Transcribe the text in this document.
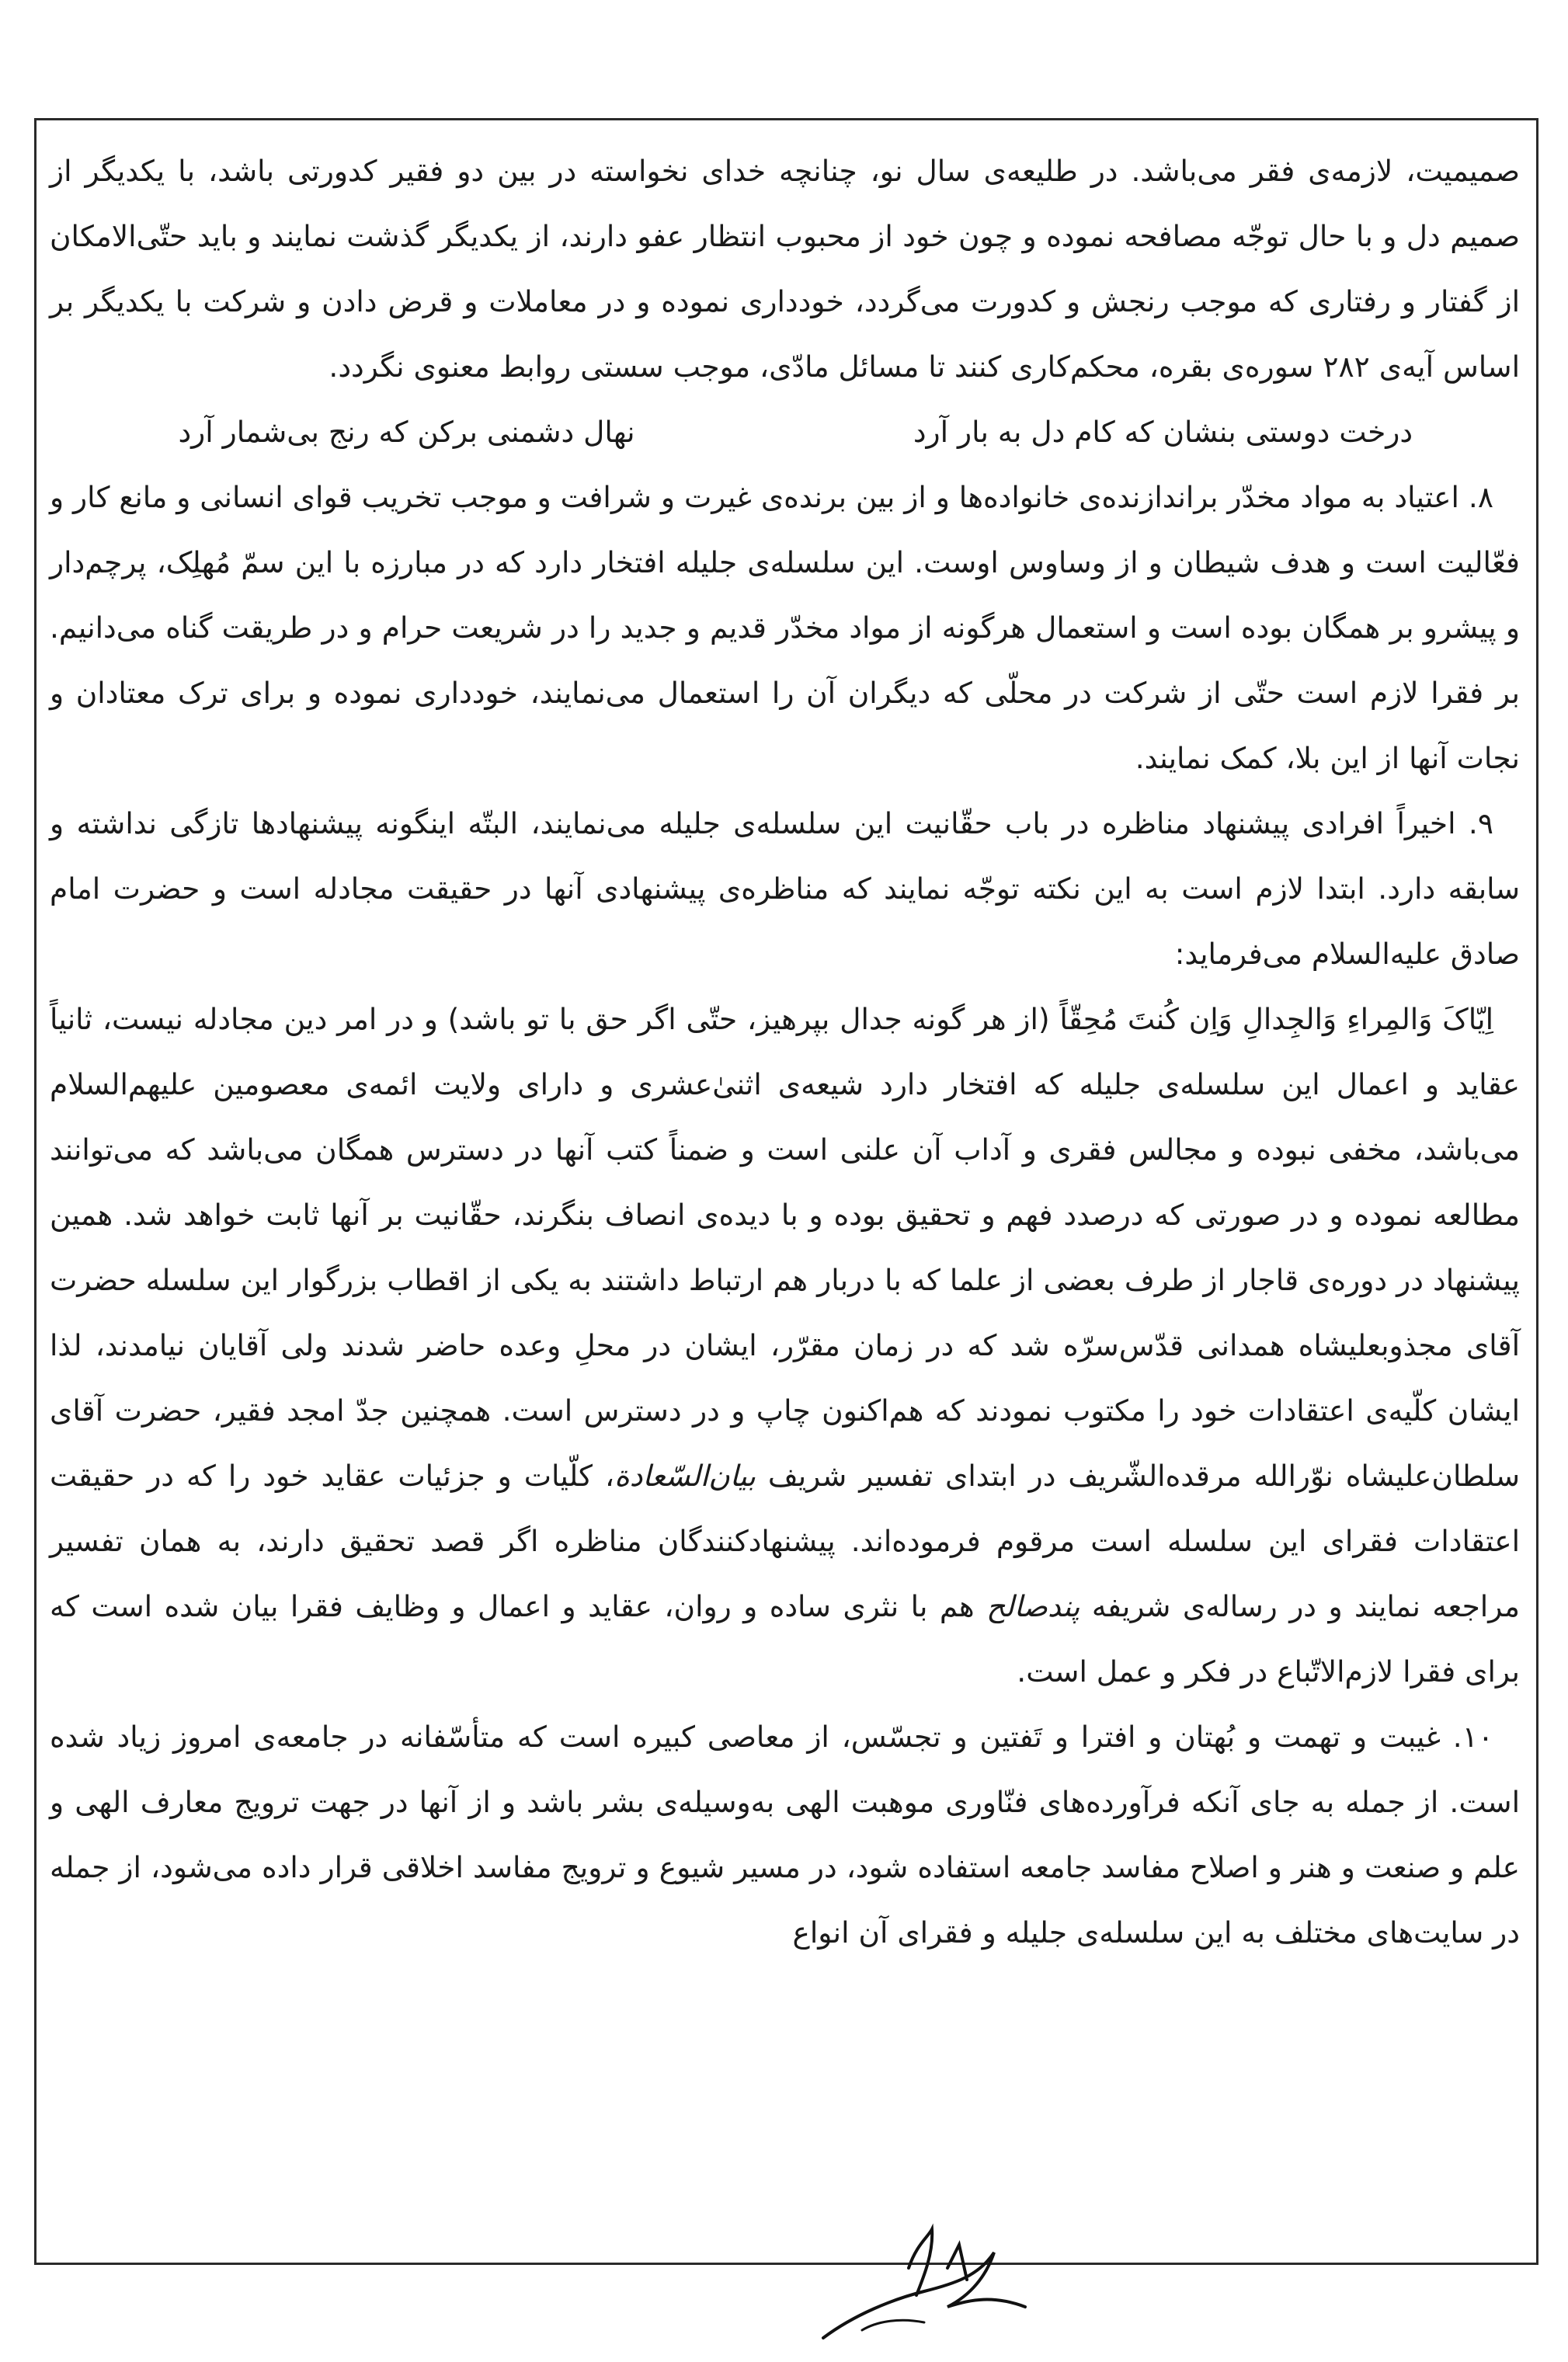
صمیمیت، لازمه‌ی فقر می‌باشد. در طلیعه‌ی سال نو، چنانچه خدای نخواسته در بین دو فقیر کدورتی باشد، با یکدیگر از صمیم دل و با حال توجّه مصافحه نموده و چون خود از محبوب انتظار عفو دارند، از یکدیگر گذشت نمایند و باید حتّی‌الامکان از گفتار و رفتاری که موجب رنجش و کدورت می‌گردد، خودداری نموده و در معاملات و قرض دادن و شرکت با یکدیگر بر اساس آیه‌ی ۲۸۲ سوره‌ی بقره، محکم‌کاری کنند تا مسائل مادّی، موجب سستی روابط معنوی نگردد.

درخت دوستی بنشان که کام دل به بار آرد
نهال دشمنی برکن که رنج بی‌شمار آرد

۸. اعتیاد به مواد مخدّر براندازنده‌ی خانواده‌ها و از بین برنده‌ی غیرت و شرافت و موجب تخریب قوای انسانی و مانع کار و فعّالیت است و هدف شیطان و از وساوس اوست. این سلسله‌ی جلیله افتخار دارد که در مبارزه با این سمّ مُهلِک، پرچم‌دار و پیشرو بر همگان بوده است و استعمال هرگونه از مواد مخدّر قدیم و جدید را در شریعت حرام و در طریقت گناه می‌دانیم. بر فقرا لازم است حتّی از شرکت در محلّی که دیگران آن را استعمال می‌نمایند، خودداری نموده و برای ترک معتادان و نجات آنها از این بلا، کمک نمایند.

۹. اخیراً افرادی پیشنهاد مناظره در باب حقّانیت این سلسله‌ی جلیله می‌نمایند، البتّه اینگونه پیشنهادها تازگی نداشته و سابقه دارد. ابتدا لازم است به این نکته توجّه نمایند که مناظره‌ی پیشنهادی آنها در حقیقت مجادله است و حضرت امام صادق علیه‌السلام می‌فرماید:

اِیّاکَ وَالمِراءِ وَالجِدالِ وَاِن کُنتَ مُحِقّاً (از هر گونه جدال بپرهیز، حتّی اگر حق با تو باشد) و در امر دین مجادله نیست، ثانیاً عقاید و اعمال این سلسله‌ی جلیله که افتخار دارد شیعه‌ی اثنیٰ‌عشری و دارای ولایت ائمه‌ی معصومین علیهم‌السلام می‌باشد، مخفی نبوده و مجالس فقری و آداب آن علنی است و ضمناً کتب آنها در دسترس همگان می‌باشد که می‌توانند مطالعه نموده و در صورتی که درصدد فهم و تحقیق بوده و با دیده‌ی انصاف بنگرند، حقّانیت بر آنها ثابت خواهد شد. همین پیشنهاد در دوره‌ی قاجار از طرف بعضی از علما که با دربار هم ارتباط داشتند به یکی از اقطاب بزرگوار این سلسله حضرت آقای مجذوبعلیشاه همدانی قدّس‌سرّه شد که در زمان مقرّر، ایشان در محلِ وعده حاضر شدند ولی آقایان نیامدند، لذا ایشان کلّیه‌ی اعتقادات خود را مکتوب نمودند که هم‌اکنون چاپ و در دسترس است. همچنین جدّ امجد فقیر، حضرت آقای سلطان‌علیشاه نوّرالله مرقده‌الشّریف در ابتدای تفسیر شریف بیان‌السّعادة، کلّیات و جزئیات عقاید خود را که در حقیقت اعتقادات فقرای این سلسله است مرقوم فرموده‌اند. پیشنهادکنندگان مناظره اگر قصد تحقیق دارند، به همان تفسیر مراجعه نمایند و در رساله‌ی شریفه پندصالح هم با نثری ساده و روان، عقاید و اعمال و وظایف فقرا بیان شده است که برای فقرا لازم‌الاتّباع در فکر و عمل است.

۱۰. غیبت و تهمت و بُهتان و افترا و تَفتین و تجسّس، از معاصی کبیره است که متأسّفانه در جامعه‌ی امروز زیاد شده است. از جمله به جای آنکه فرآورده‌های فنّاوری موهبت الهی به‌وسیله‌ی بشر باشد و از آنها در جهت ترویج معارف الهی و علم و صنعت و هنر و اصلاح مفاسد جامعه استفاده شود، در مسیر شیوع و ترویج مفاسد اخلاقی قرار داده می‌شود، از جمله در سایت‌های مختلف به این سلسله‌ی جلیله و فقرای آن انواع
